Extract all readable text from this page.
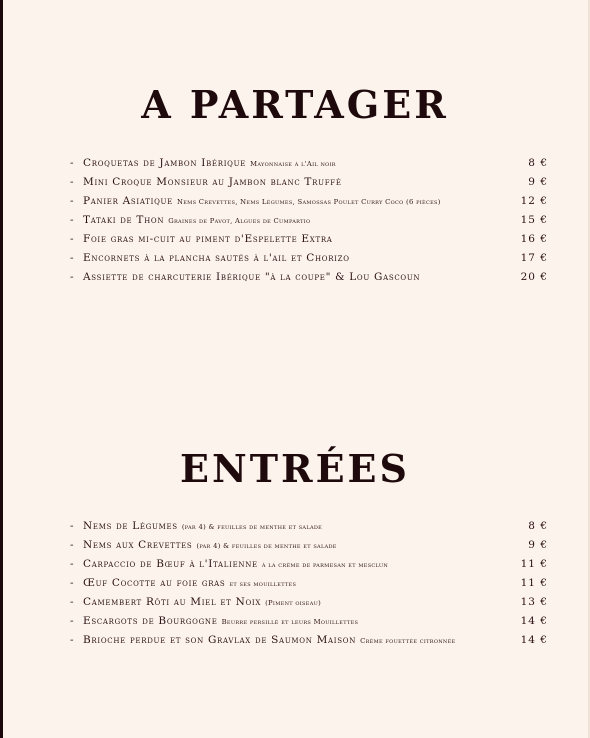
A PARTAGER
- Croquetas de Jambon Ibérique Mayonnaise à l'Ail noir	8 €
- Mini Croque Monsieur au Jambon blanc Truffé	9 €
- Panier Asiatique Nems Crevettes, Nems Légumes, Samossas Poulet Curry Coco (6 pièces)	12 €
- Tataki de Thon Graines de Pavot, Algues de Cumpartio	15 €
- Foie gras mi-cuit au piment d'Espelette Extra	16 €
- Encornets à la plancha sautés à l'ail et Chorizo	17 €
- Assiette de charcuterie Ibérique "à la coupe" & Lou Gascoun	20 €
ENTRÉES
- Nems de Légumes (par 4) & feuilles de menthe et salade	8 €
- Nems aux Crevettes (par 4) & feuilles de menthe et salade	9 €
- Carpaccio de Bœuf à l'Italienne à la crème de parmesan et mesclun	11 €
- Œuf Cocotte au foie gras et ses mouillettes	11 €
- Camembert Rôti au Miel et Noix (Piment oiseau)	13 €
- Escargots de Bourgogne Beurre persillé et leurs Mouillettes	14 €
- Brioche perdue et son Gravlax de Saumon Maison Crème fouettée citronnée	14 €
